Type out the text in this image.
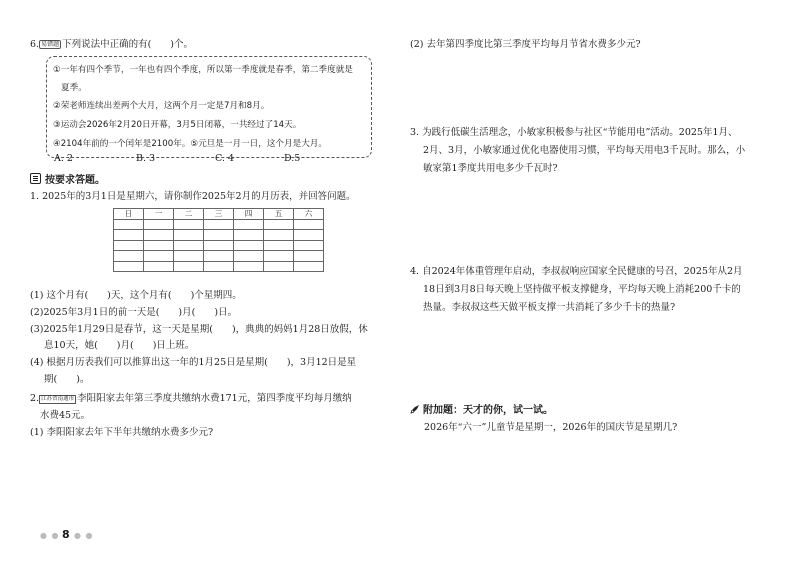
6. 易错题 下列说法中正确的有(　　)个。
①一年有四个季节，一年也有四个季度，所以第一季度就是春季，第二季度就是
夏季。
②荣老师连续出差两个大月，这两个月一定是7月和8月。
③运动会2026年2月20日开幕，3月5日闭幕，一共经过了14天。
④2104年前的一个闰年是2100年。⑤元旦是一月一日，这个月是大月。
A. 2	B. 3	C. 4	D.5
按要求答题。
1. 2025年的3月1日是星期六，请你制作2025年2月的月历表，并回答问题。
日	一	二	三	四	五	六

(1) 这个月有(　　)天，这个月有(　　)个星期四。
(2)2025年3月1日的前一天是(　　)月(　　)日。
(3)2025年1月29日是春节，这一天是星期(　　)，典典的妈妈1月28日放假，休
息10天，她(　　)月(　　)日上班。
(4) 根据月历表我们可以推算出这一年的1月25日是星期(　　)，3月12日是星
期(　　)。
2. 江苏省南通市 李阳阳家去年第三季度共缴纳水费171元，第四季度平均每月缴纳
水费45元。
(1) 李阳阳家去年下半年共缴纳水费多少元?
● ● 8 ● ●
(2) 去年第四季度比第三季度平均每月节省水费多少元?
3. 为践行低碳生活理念，小敏家积极参与社区“节能用电”活动。2025年1月、
2月、3月，小敏家通过优化电器使用习惯，平均每天用电3千瓦时。那么，小
敏家第1季度共用电多少千瓦时?
4. 自2024年体重管理年启动，李叔叔响应国家全民健康的号召，2025年从2月
18日到3月8日每天晚上坚持做平板支撑健身，平均每天晚上消耗200千卡的
热量。李叔叔这些天做平板支撑一共消耗了多少千卡的热量?
附加题：天才的你，试一试。
2026年“六一”儿童节是星期一，2026年的国庆节是星期几?
